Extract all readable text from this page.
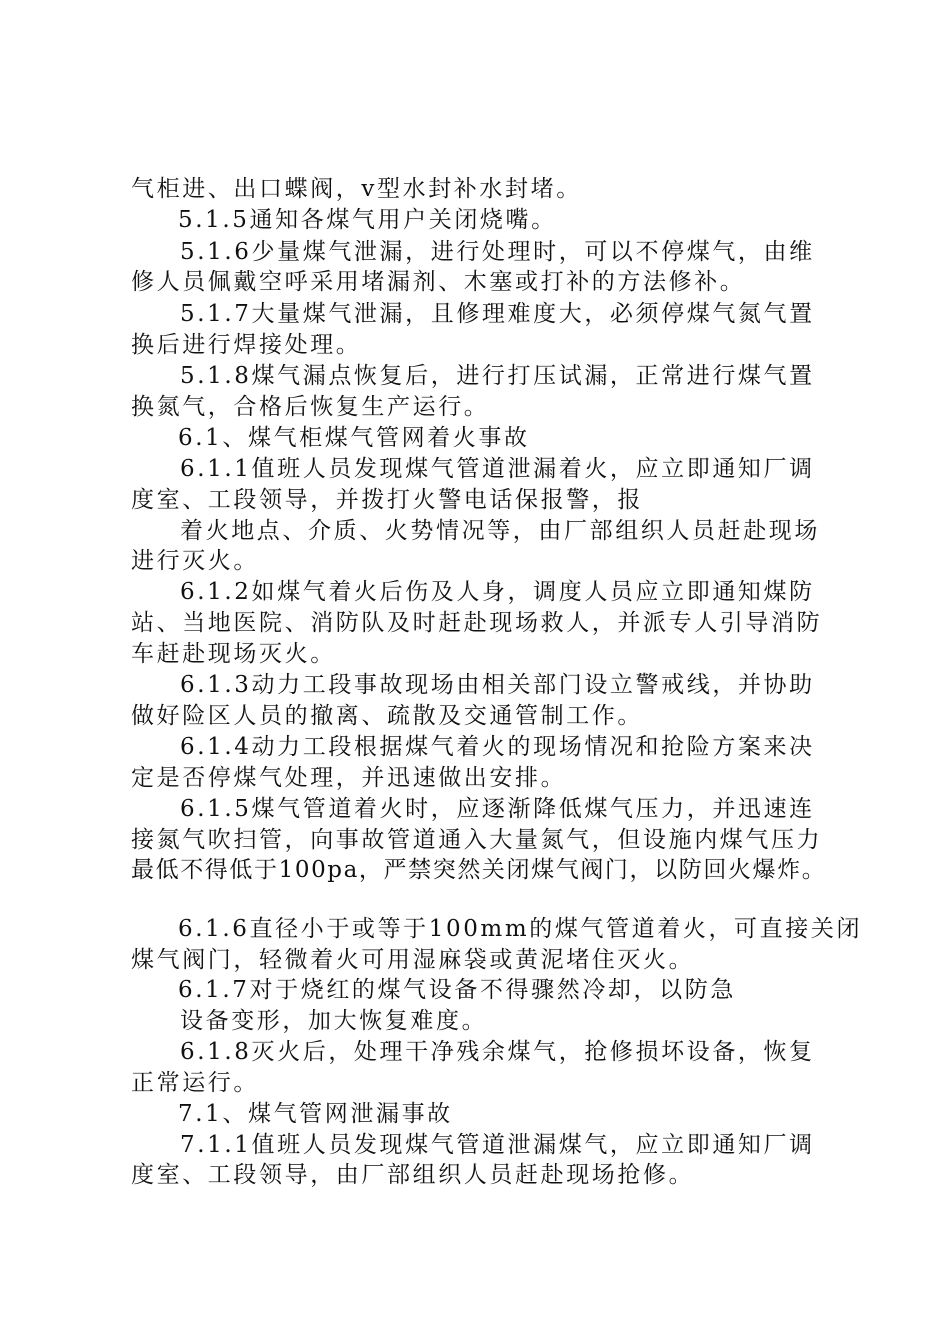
气柜进、出口蝶阀，v型水封补水封堵。
5.1.5通知各煤气用户关闭烧嘴。
5.1.6少量煤气泄漏，进行处理时，可以不停煤气，由维
修人员佩戴空呼采用堵漏剂、木塞或打补的方法修补。
5.1.7大量煤气泄漏，且修理难度大，必须停煤气氮气置
换后进行焊接处理。
5.1.8煤气漏点恢复后，进行打压试漏，正常进行煤气置
换氮气，合格后恢复生产运行。
6.1、煤气柜煤气管网着火事故
6.1.1值班人员发现煤气管道泄漏着火，应立即通知厂调
度室、工段领导，并拨打火警电话保报警，报
着火地点、介质、火势情况等，由厂部组织人员赶赴现场
进行灭火。
6.1.2如煤气着火后伤及人身，调度人员应立即通知煤防
站、当地医院、消防队及时赶赴现场救人，并派专人引导消防
车赶赴现场灭火。
6.1.3动力工段事故现场由相关部门设立警戒线，并协助
做好险区人员的撤离、疏散及交通管制工作。
6.1.4动力工段根据煤气着火的现场情况和抢险方案来决
定是否停煤气处理，并迅速做出安排。
6.1.5煤气管道着火时，应逐渐降低煤气压力，并迅速连
接氮气吹扫管，向事故管道通入大量氮气，但设施内煤气压力
最低不得低于100pa，严禁突然关闭煤气阀门，以防回火爆炸。
6.1.6直径小于或等于100mm的煤气管道着火，可直接关闭
煤气阀门，轻微着火可用湿麻袋或黄泥堵住灭火。
6.1.7对于烧红的煤气设备不得骤然冷却，以防急
设备变形，加大恢复难度。
6.1.8灭火后，处理干净残余煤气，抢修损坏设备，恢复
正常运行。
7.1、煤气管网泄漏事故
7.1.1值班人员发现煤气管道泄漏煤气，应立即通知厂调
度室、工段领导，由厂部组织人员赶赴现场抢修。
